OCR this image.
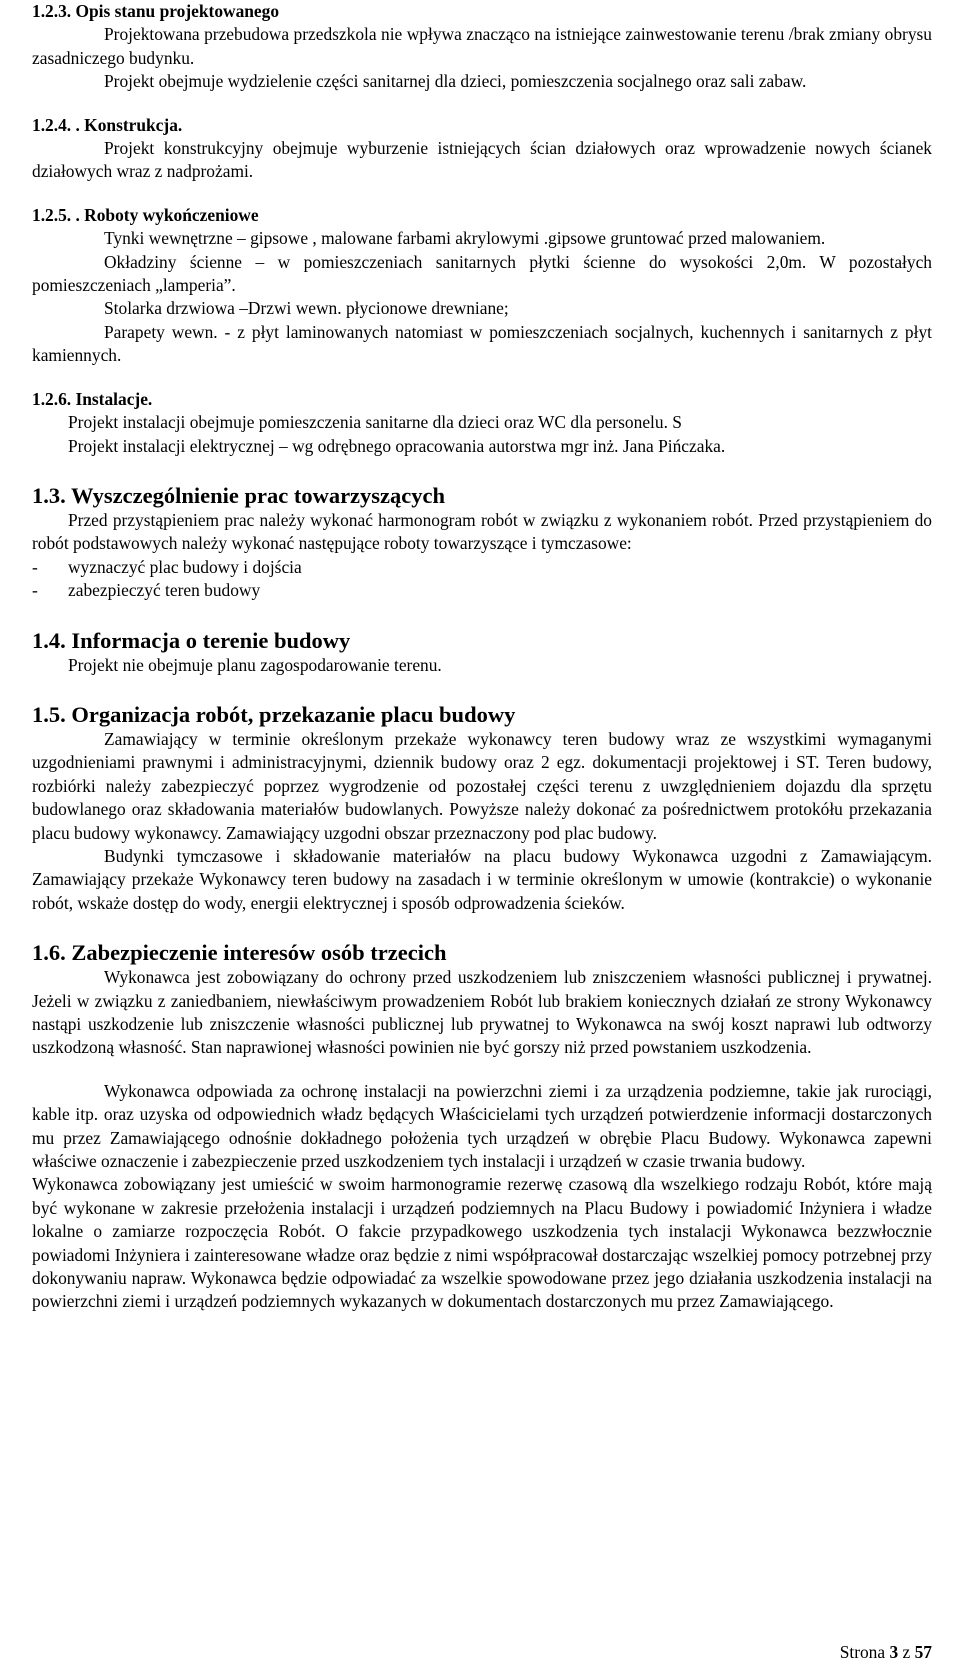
1.2.3. Opis stanu projektowanego

Projektowana przebudowa przedszkola nie wpływa znacząco na istniejące zainwestowanie terenu /brak zmiany obrysu zasadniczego budynku.

Projekt obejmuje wydzielenie części sanitarnej dla dzieci, pomieszczenia socjalnego oraz sali zabaw.

1.2.4. . Konstrukcja.

Projekt konstrukcyjny obejmuje wyburzenie istniejących ścian działowych oraz wprowadzenie nowych ścianek działowych wraz z nadprożami.

1.2.5. . Roboty wykończeniowe

Tynki wewnętrzne – gipsowe , malowane farbami akrylowymi .gipsowe gruntować przed malowaniem.

Okładziny ścienne – w pomieszczeniach sanitarnych płytki ścienne do wysokości 2,0m. W pozostałych pomieszczeniach „lamperia”.

Stolarka drzwiowa –Drzwi wewn. płycionowe drewniane;

Parapety wewn. - z płyt laminowanych natomiast w pomieszczeniach socjalnych, kuchennych i sanitarnych z płyt kamiennych.

1.2.6. Instalacje.

Projekt instalacji obejmuje pomieszczenia sanitarne dla dzieci oraz WC dla personelu. S

Projekt instalacji elektrycznej – wg odrębnego opracowania autorstwa mgr inż. Jana Pińczaka.

1.3. Wyszczególnienie prac towarzyszących

Przed przystąpieniem prac należy wykonać harmonogram robót w związku z wykonaniem robót. Przed przystąpieniem do robót podstawowych należy wykonać następujące roboty towarzyszące i tymczasowe:

-	wyznaczyć plac budowy i dojścia
-	zabezpieczyć teren budowy

1.4. Informacja o terenie budowy

Projekt nie obejmuje planu zagospodarowanie terenu.

1.5. Organizacja robót, przekazanie placu budowy

Zamawiający w terminie określonym przekaże wykonawcy teren budowy wraz ze wszystkimi wymaganymi uzgodnieniami prawnymi i administracyjnymi, dziennik budowy oraz 2 egz. dokumentacji projektowej i ST. Teren budowy, rozbiórki należy zabezpieczyć poprzez wygrodzenie od pozostałej części terenu z uwzględnieniem dojazdu dla sprzętu budowlanego oraz składowania materiałów budowlanych. Powyższe należy dokonać za pośrednictwem protokółu przekazania placu budowy wykonawcy. Zamawiający uzgodni obszar przeznaczony pod plac budowy.

Budynki tymczasowe i składowanie materiałów na placu budowy Wykonawca uzgodni z Zamawiającym. Zamawiający przekaże Wykonawcy teren budowy na zasadach i w terminie określonym w umowie (kontrakcie) o wykonanie robót, wskaże dostęp do wody, energii elektrycznej i sposób odprowadzenia ścieków.

1.6. Zabezpieczenie interesów osób trzecich

Wykonawca jest zobowiązany do ochrony przed uszkodzeniem lub zniszczeniem własności publicznej i prywatnej. Jeżeli w związku z zaniedbaniem, niewłaściwym prowadzeniem Robót lub brakiem koniecznych działań ze strony Wykonawcy nastąpi uszkodzenie lub zniszczenie własności publicznej lub prywatnej to Wykonawca na swój koszt naprawi lub odtworzy uszkodzoną własność. Stan naprawionej własności powinien nie być gorszy niż przed powstaniem uszkodzenia.

Wykonawca odpowiada za ochronę instalacji na powierzchni ziemi i za urządzenia podziemne, takie jak rurociągi, kable itp. oraz uzyska od odpowiednich władz będących Właścicielami tych urządzeń potwierdzenie informacji dostarczonych mu przez Zamawiającego odnośnie dokładnego położenia tych urządzeń w obrębie Placu Budowy. Wykonawca zapewni właściwe oznaczenie i zabezpieczenie przed uszkodzeniem tych instalacji i urządzeń w czasie trwania budowy.

Wykonawca zobowiązany jest umieścić w swoim harmonogramie rezerwę czasową dla wszelkiego rodzaju Robót, które mają być wykonane w zakresie przełożenia instalacji i urządzeń podziemnych na Placu Budowy i powiadomić Inżyniera i władze lokalne o zamiarze rozpoczęcia Robót. O fakcie przypadkowego uszkodzenia tych instalacji Wykonawca bezzwłocznie powiadomi Inżyniera i zainteresowane władze oraz będzie z nimi współpracował dostarczając wszelkiej pomocy potrzebnej przy dokonywaniu napraw. Wykonawca będzie odpowiadać za wszelkie spowodowane przez jego działania uszkodzenia instalacji na powierzchni ziemi i urządzeń podziemnych wykazanych w dokumentach dostarczonych mu przez Zamawiającego.

Strona 3 z 57
